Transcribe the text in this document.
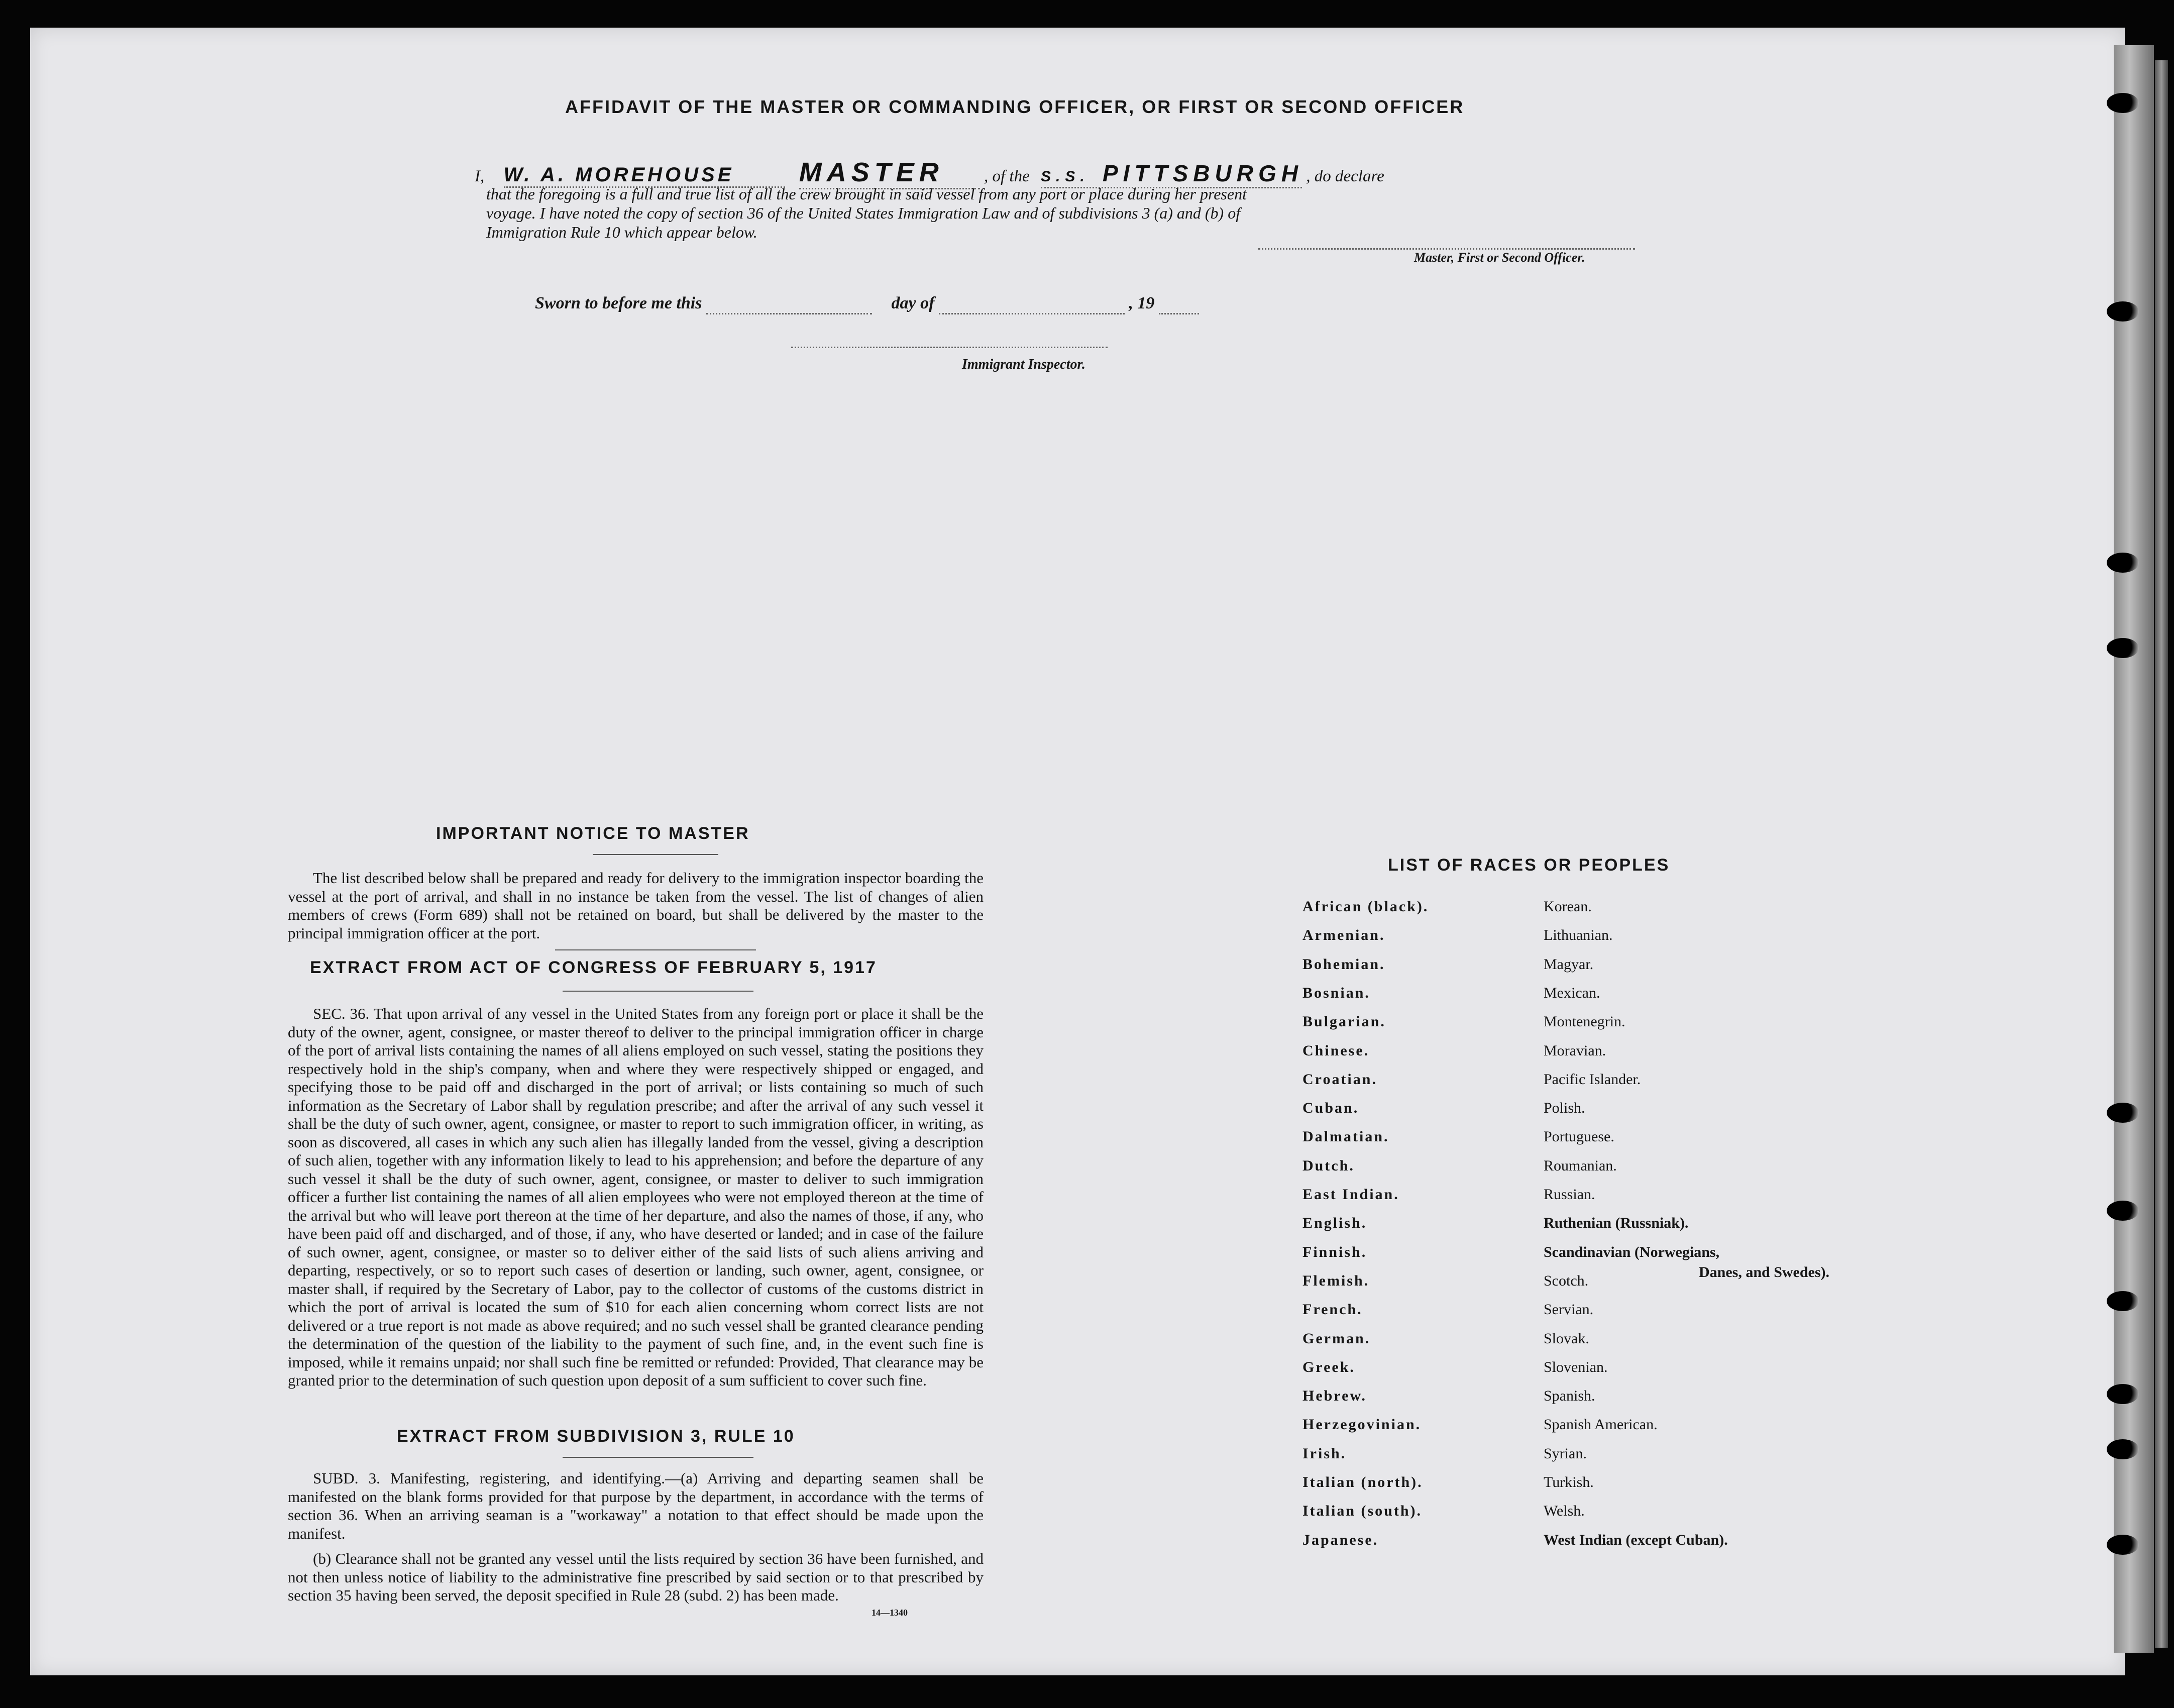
AFFIDAVIT OF THE MASTER OR COMMANDING OFFICER, OR FIRST OR SECOND OFFICER
I, W. A. MOREHOUSE MASTER , of the S.S. PITTSBURGH , do declare
that the foregoing is a full and true list of all the crew brought in said vessel from any port or place during her present
voyage. I have noted the copy of section 36 of the United States Immigration Law and of subdivisions 3 (a) and (b) of
Immigration Rule 10 which appear below.
Master, First or Second Officer.
Sworn to before me this	day of	, 19
Immigrant Inspector.
IMPORTANT NOTICE TO MASTER

The list described below shall be prepared and ready for delivery to the immigration inspector boarding the vessel at the port of arrival, and shall in no instance be taken from the vessel. The list of changes of alien members of crews (Form 689) shall not be retained on board, but shall be delivered by the master to the principal immigration officer at the port.

EXTRACT FROM ACT OF CONGRESS OF FEBRUARY 5, 1917

SEC. 36. That upon arrival of any vessel in the United States from any foreign port or place it shall be the duty of the owner, agent, consignee, or master thereof to deliver to the principal immigration officer in charge of the port of arrival lists containing the names of all aliens employed on such vessel, stating the positions they respectively hold in the ship's company, when and where they were respectively shipped or engaged, and specifying those to be paid off and discharged in the port of arrival; or lists containing so much of such information as the Secretary of Labor shall by regulation prescribe; and after the arrival of any such vessel it shall be the duty of such owner, agent, consignee, or master to report to such immigration officer, in writing, as soon as discovered, all cases in which any such alien has illegally landed from the vessel, giving a description of such alien, together with any information likely to lead to his apprehension; and before the departure of any such vessel it shall be the duty of such owner, agent, consignee, or master to deliver to such immigration officer a further list containing the names of all alien employees who were not employed thereon at the time of the arrival but who will leave port thereon at the time of her departure, and also the names of those, if any, who have been paid off and discharged, and of those, if any, who have deserted or landed; and in case of the failure of such owner, agent, consignee, or master so to deliver either of the said lists of such aliens arriving and departing, respectively, or so to report such cases of desertion or landing, such owner, agent, consignee, or master shall, if required by the Secretary of Labor, pay to the collector of customs of the customs district in which the port of arrival is located the sum of $10 for each alien concerning whom correct lists are not delivered or a true report is not made as above required; and no such vessel shall be granted clearance pending the determination of the question of the liability to the payment of such fine, and, in the event such fine is imposed, while it remains unpaid; nor shall such fine be remitted or refunded: Provided, That clearance may be granted prior to the determination of such question upon deposit of a sum sufficient to cover such fine.

EXTRACT FROM SUBDIVISION 3, RULE 10

SUBD. 3. Manifesting, registering, and identifying.—(a) Arriving and departing seamen shall be manifested on the blank forms provided for that purpose by the department, in accordance with the terms of section 36. When an arriving seaman is a "workaway" a notation to that effect should be made upon the manifest.

(b) Clearance shall not be granted any vessel until the lists required by section 36 have been furnished, and not then unless notice of liability to the administrative fine prescribed by said section or to that prescribed by section 35 having been served, the deposit specified in Rule 28 (subd. 2) has been made.

14—1340
LIST OF RACES OR PEOPLES
African (black).
Armenian.
Bohemian.
Bosnian.
Bulgarian.
Chinese.
Croatian.
Cuban.
Dalmatian.
Dutch.
East Indian.
English.
Finnish.
Flemish.
French.
German.
Greek.
Hebrew.
Herzegovinian.
Irish.
Italian (north).
Italian (south).
Japanese.
Korean.
Lithuanian.
Magyar.
Mexican.
Montenegrin.
Moravian.
Pacific Islander.
Polish.
Portuguese.
Roumanian.
Russian.
Ruthenian (Russniak).
Scandinavian (Norwegians,
Scotch.
Servian.
Slovak.
Slovenian.
Spanish.
Spanish American.
Syrian.
Turkish.
Welsh.
West Indian (except Cuban).
Danes, and Swedes).
